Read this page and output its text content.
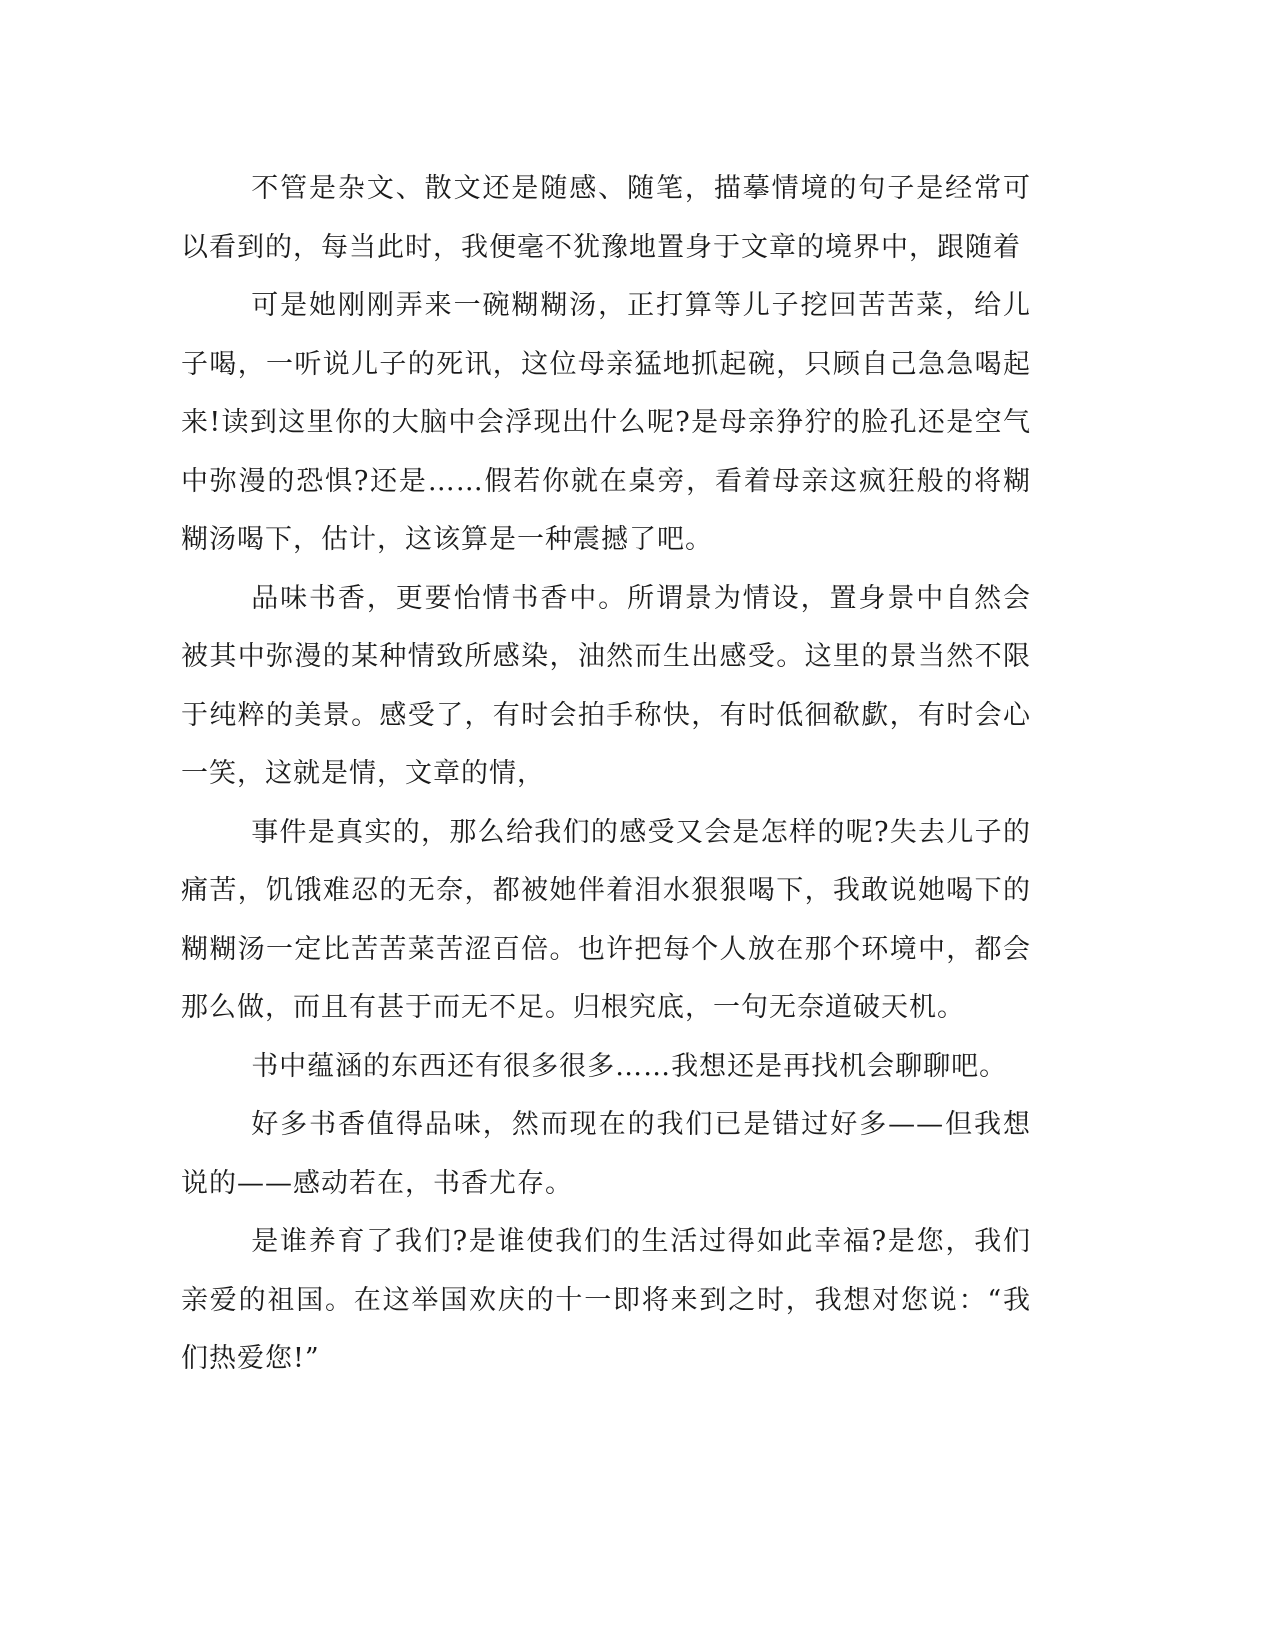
不管是杂文、散文还是随感、随笔，描摹情境的句子是经常可以看到的，每当此时，我便毫不犹豫地置身于文章的境界中，跟随着

可是她刚刚弄来一碗糊糊汤，正打算等儿子挖回苦苦菜，给儿子喝，一听说儿子的死讯，这位母亲猛地抓起碗，只顾自己急急喝起来!读到这里你的大脑中会浮现出什么呢?是母亲狰狞的脸孔还是空气中弥漫的恐惧?还是……假若你就在桌旁，看着母亲这疯狂般的将糊糊汤喝下，估计，这该算是一种震撼了吧。

品味书香，更要怡情书香中。所谓景为情设，置身景中自然会被其中弥漫的某种情致所感染，油然而生出感受。这里的景当然不限于纯粹的美景。感受了，有时会拍手称快，有时低徊欷歔，有时会心一笑，这就是情，文章的情，

事件是真实的，那么给我们的感受又会是怎样的呢?失去儿子的痛苦，饥饿难忍的无奈，都被她伴着泪水狠狠喝下，我敢说她喝下的糊糊汤一定比苦苦菜苦涩百倍。也许把每个人放在那个环境中，都会那么做，而且有甚于而无不足。归根究底，一句无奈道破天机。

书中蕴涵的东西还有很多很多……我想还是再找机会聊聊吧。

好多书香值得品味，然而现在的我们已是错过好多——但我想说的——感动若在，书香尤存。

是谁养育了我们?是谁使我们的生活过得如此幸福?是您，我们亲爱的祖国。在这举国欢庆的十一即将来到之时，我想对您说：“我们热爱您!”
